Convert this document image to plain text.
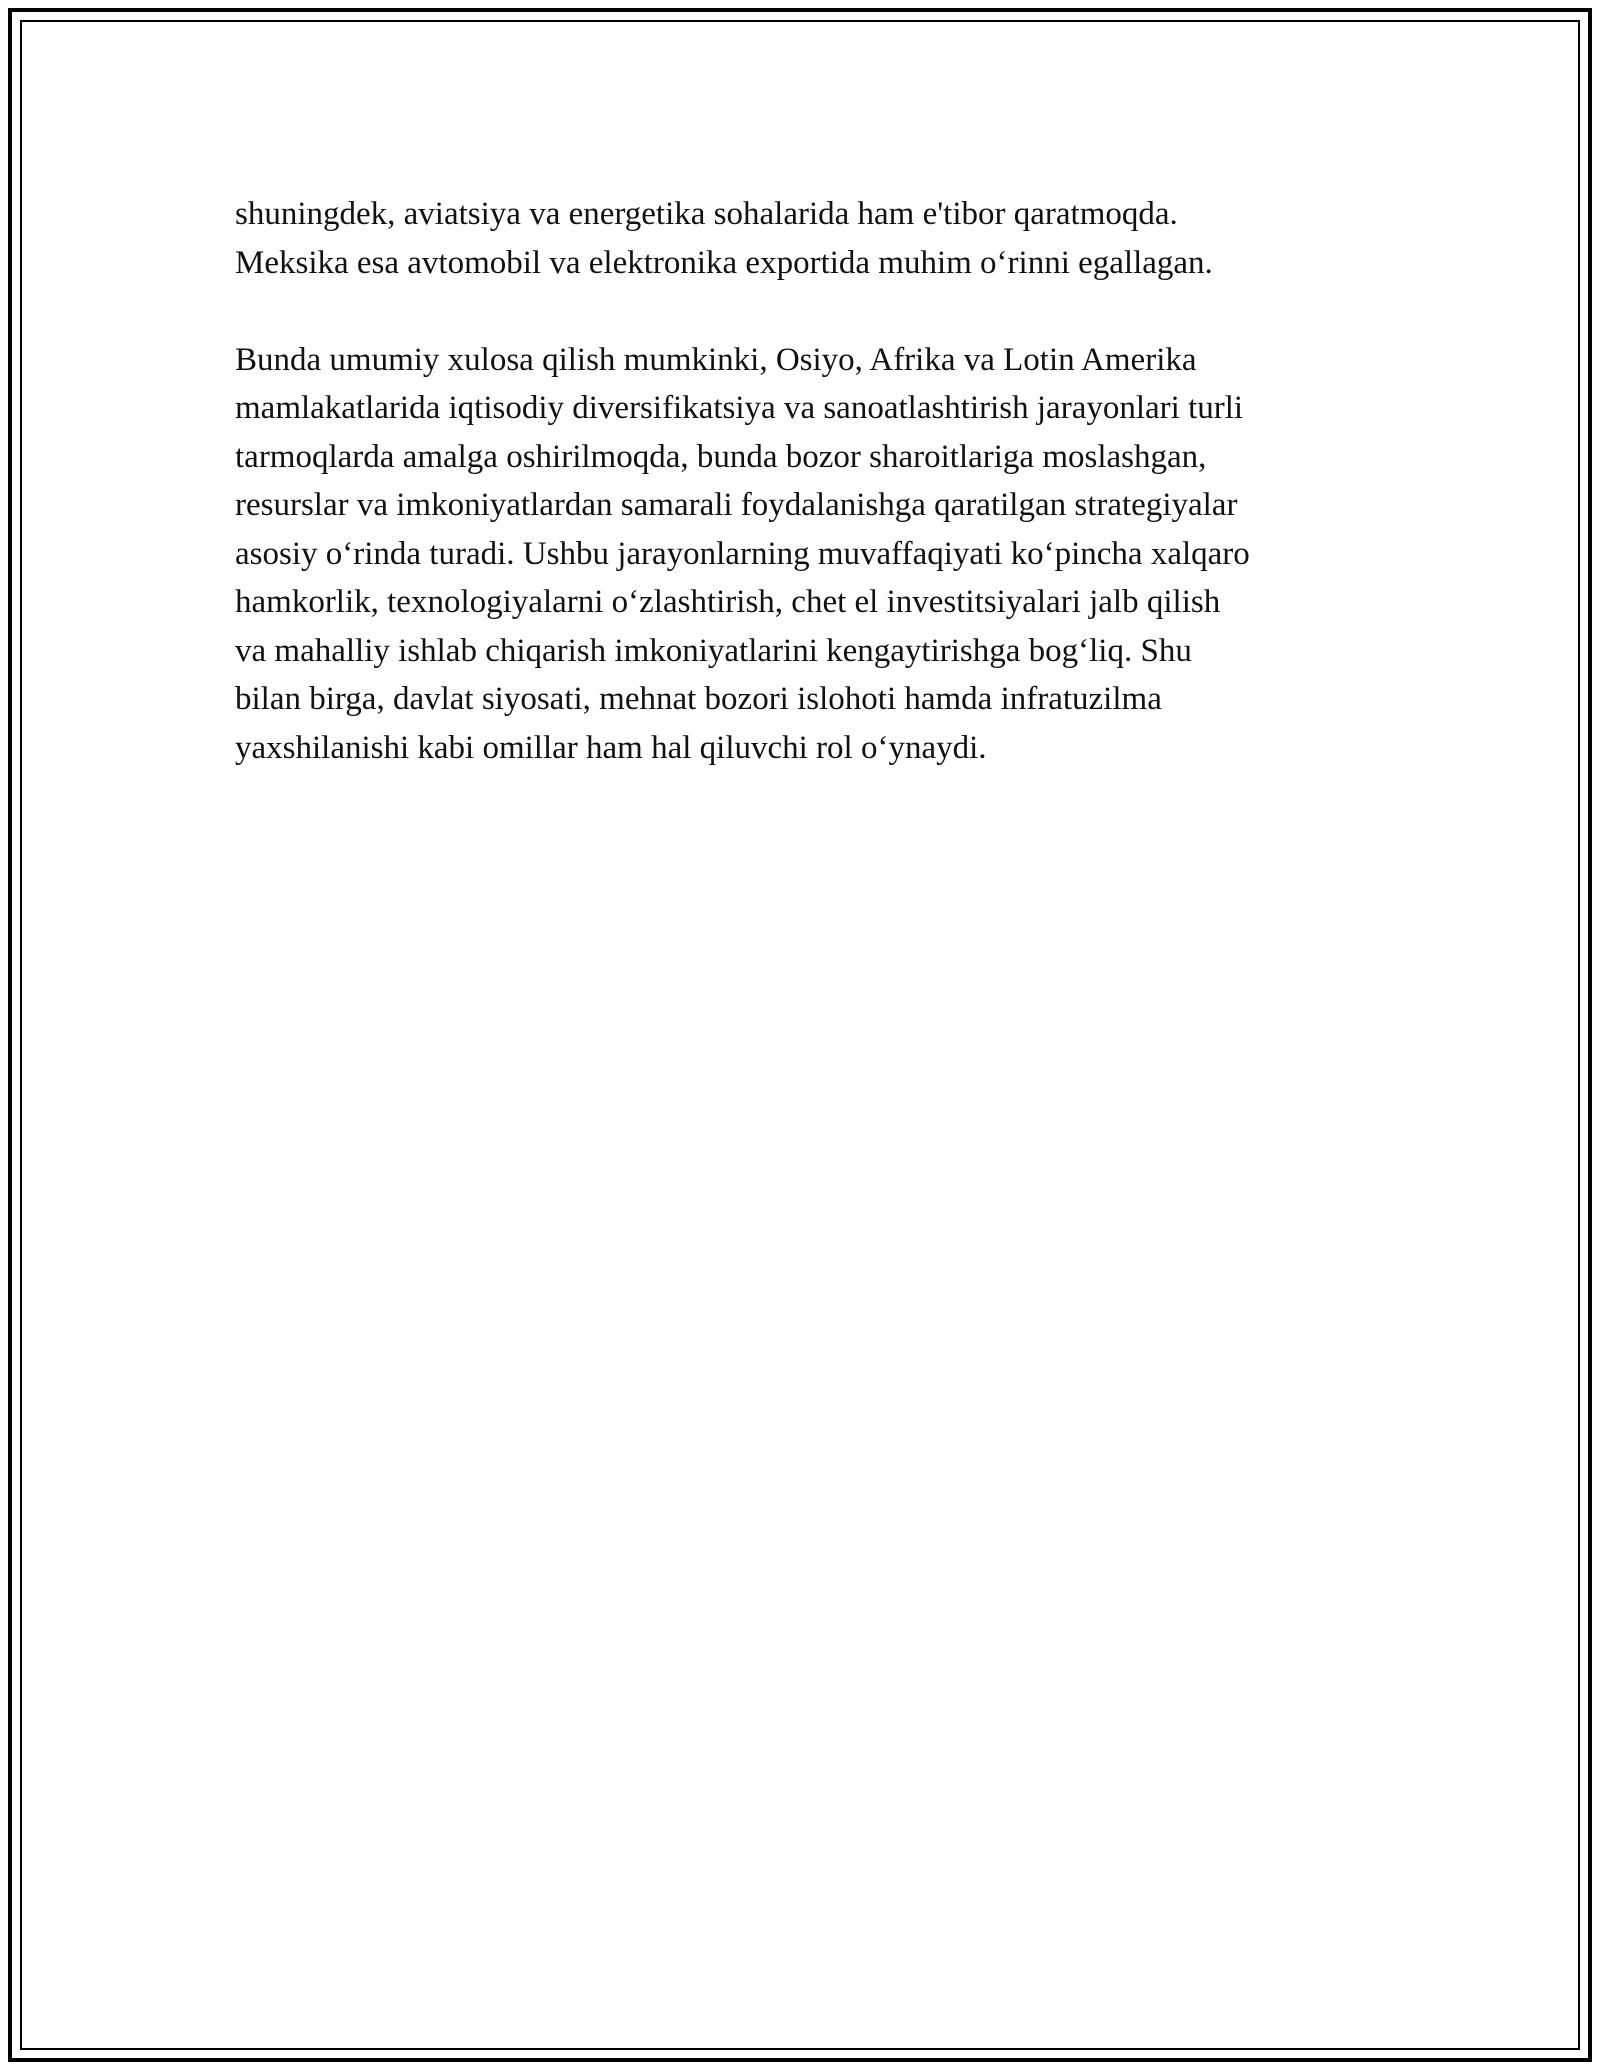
shuningdek, aviatsiya va energetika sohalarida ham e'tibor qaratmoqda.
Meksika esa avtomobil va elektronika exportida muhim o‘rinni egallagan.

Bunda umumiy xulosa qilish mumkinki, Osiyo, Afrika va Lotin Amerika
mamlakatlarida iqtisodiy diversifikatsiya va sanoatlashtirish jarayonlari turli
tarmoqlarda amalga oshirilmoqda, bunda bozor sharoitlariga moslashgan,
resurslar va imkoniyatlardan samarali foydalanishga qaratilgan strategiyalar
asosiy o‘rinda turadi. Ushbu jarayonlarning muvaffaqiyati ko‘pincha xalqaro
hamkorlik, texnologiyalarni o‘zlashtirish, chet el investitsiyalari jalb qilish
va mahalliy ishlab chiqarish imkoniyatlarini kengaytirishga bog‘liq. Shu
bilan birga, davlat siyosati, mehnat bozori islohoti hamda infratuzilma
yaxshilanishi kabi omillar ham hal qiluvchi rol o‘ynaydi.
